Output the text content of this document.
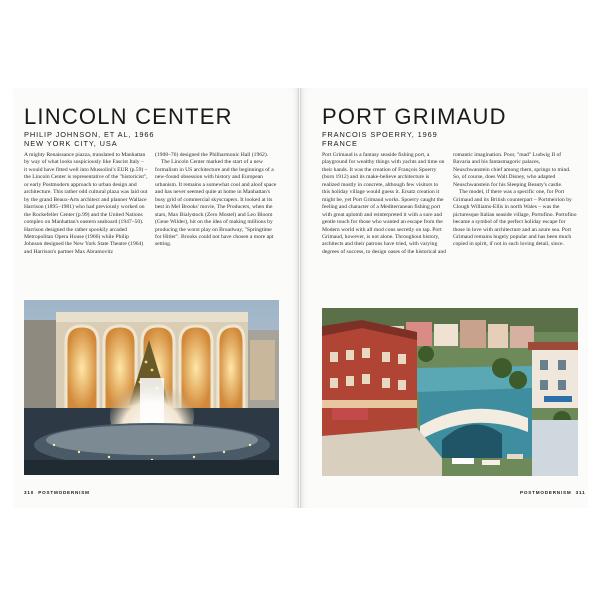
LINCOLN CENTER
PHILIP JOHNSON, ET AL, 1966
NEW YORK CITY, USA

A mighty Renaissance piazza, translated to Manhattan by way of what looks suspiciously like Fascist Italy – it would have fitted well into Mussolini's EUR (p.59) – the Lincoln Center is representative of the "historicist", or early Postmodern approach to urban design and architecture. This rather odd cultural plaza was laid out by the grand Beaux-Arts architect and planner Wallace Harrison (1895–1981) who had previously worked on the Rockefeller Center (p.99) and the United Nations complex on Manhattan's eastern seaboard (1947–50). Harrison designed the rather spookily arcaded Metropolitan Opera House (1966) while Philip Johnson designed the New York State Theatre (1964) and Harrison's partner Max Abramovitz

(1908–76) designed the Philharmonic Hall (1962).

The Lincoln Center marked the start of a new formalism in US architecture and the beginnings of a new-found obsession with history and European urbanism. It remains a somewhat cool and aloof space and has never seemed quite at home in Manhattan's busy grid of commercial skyscrapers. It looked at its best in Mel Brooks' movie, The Producers, when the stars, Max Bialystock (Zero Mostel) and Leo Bloom (Gene Wilder), hit on the idea of making millions by producing the worst play on Broadway, "Springtime for Hitler". Brooks could not have chosen a more apt setting.

310 POSTMODERNISM
PORT GRIMAUD
FRANCOIS SPOERRY, 1969
FRANCE

Port Grimaud is a fantasy seaside fishing port, a playground for wealthy things with yachts and time on their hands. It was the creation of François Spoerry (born 1912) and its make-believe architecture is realized mostly in concrete, although few visitors to this holiday village would guess it. Ersatz creation it might be, yet Port Grimaud works. Spoerry caught the feeling and character of a Mediterranean fishing port with great aplomb and reinterpreted it with a sure and gentle touch for those who wanted an escape from the Modern world with all mod cons secretly on tap. Port Grimaud, however, is not alone. Throughout history, architects and their patrons have tried, with varying degrees of success, to design oases of the historical and

romantic imagination. Poor, "mad" Ludwig II of Bavaria and his fantasmagoric palaces, Neuschwanstein chief among them, springs to mind. So, of course, does Walt Disney, who adapted Neuschwanstein for his Sleeping Beauty's castle.

The model, if there was a specific one, for Port Grimaud and its British counterpart – Portmeirion by Clough Williams-Ellis in north Wales – was the picturesque Italian seaside village, Portofino. Portofino became a symbol of the perfect holiday escape for those in love with architecture and an azure sea. Port Grimaud remains hugely popular and has been much copied in spirit, if not in such loving detail, since.

POSTMODERNISM 311
